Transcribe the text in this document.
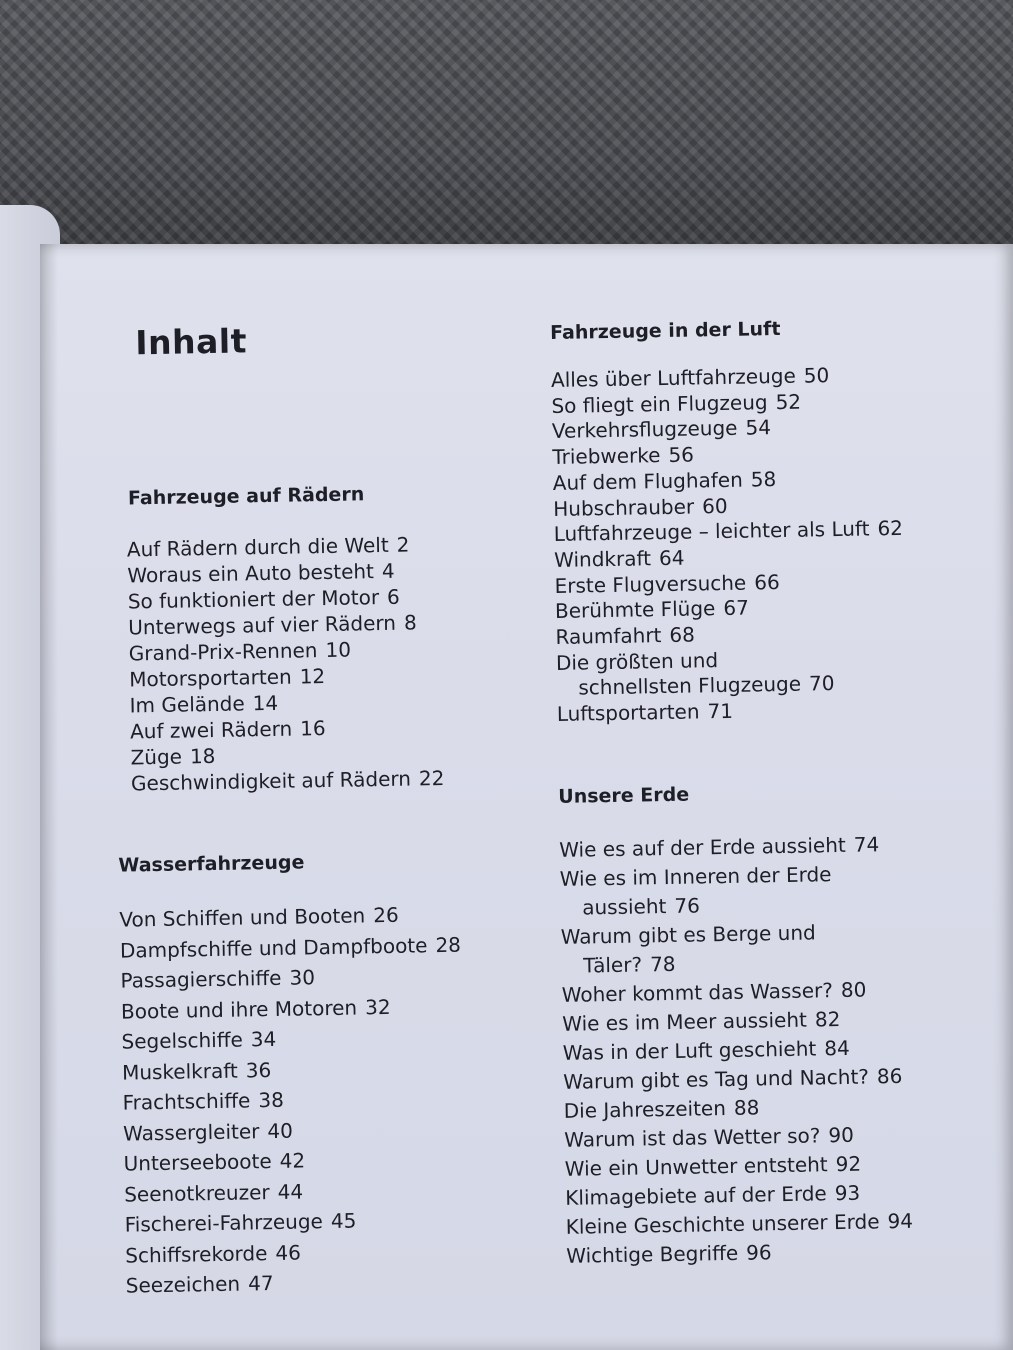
Inhalt
Fahrzeuge auf Rädern
Auf Rädern durch die Welt 2
Woraus ein Auto besteht 4
So funktioniert der Motor 6
Unterwegs auf vier Rädern 8
Grand-Prix-Rennen 10
Motorsportarten 12
Im Gelände 14
Auf zwei Rädern 16
Züge 18
Geschwindigkeit auf Rädern 22
Wasserfahrzeuge
Von Schiffen und Booten 26
Dampfschiffe und Dampfboote 28
Passagierschiffe 30
Boote und ihre Motoren 32
Segelschiffe 34
Muskelkraft 36
Frachtschiffe 38
Wassergleiter 40
Unterseeboote 42
Seenotkreuzer 44
Fischerei-Fahrzeuge 45
Schiffsrekorde 46
Seezeichen 47
Fahrzeuge in der Luft
Alles über Luftfahrzeuge 50
So fliegt ein Flugzeug 52
Verkehrsflugzeuge 54
Triebwerke 56
Auf dem Flughafen 58
Hubschrauber 60
Luftfahrzeuge – leichter als Luft 62
Windkraft 64
Erste Flugversuche 66
Berühmte Flüge 67
Raumfahrt 68
Die größten und
schnellsten Flugzeuge 70
Luftsportarten 71
Unsere Erde
Wie es auf der Erde aussieht 74
Wie es im Inneren der Erde
aussieht 76
Warum gibt es Berge und
Täler? 78
Woher kommt das Wasser? 80
Wie es im Meer aussieht 82
Was in der Luft geschieht 84
Warum gibt es Tag und Nacht? 86
Die Jahreszeiten 88
Warum ist das Wetter so? 90
Wie ein Unwetter entsteht 92
Klimagebiete auf der Erde 93
Kleine Geschichte unserer Erde 94
Wichtige Begriffe 96
